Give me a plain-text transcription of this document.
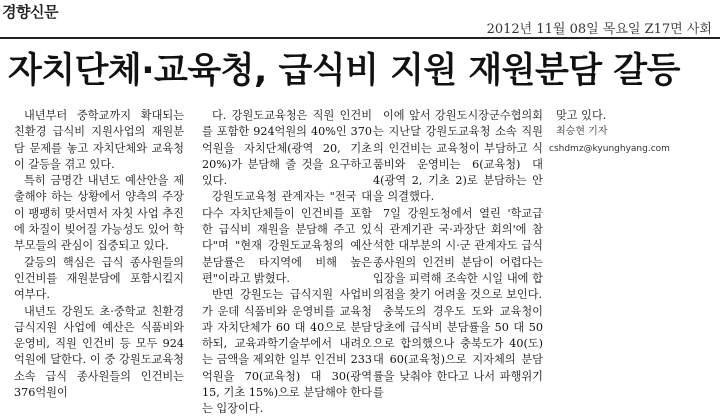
경향신문
2012년 11월 08일 목요일 Z17면 사회
자치단체·교육청, 급식비 지원 재원분담 갈등

내년부터 중학교까지 확대되는 친환경 급식비 지원사업의 재원분담 문제를 놓고 자치단체와 교육청이 갈등을 겪고 있다.

특히 금명간 내년도 예산안을 제출해야 하는 상황에서 양측의 주장이 팽팽히 맞서면서 자칫 사업 추진에 차질이 빚어질 가능성도 있어 학부모들의 관심이 집중되고 있다.

갈등의 핵심은 급식 종사원들의 인건비를 재원분담에 포함시킬지 여부다.

내년도 강원도 초·중학교 친환경 급식지원 사업에 예산은 식품비와 운영비, 직원 인건비 등 모두 924억원에 달한다. 이 중 강원도교육청 소속 급식 종사원들의 인건비는 376억원이

다. 강원도교육청은 직원 인건비를 포함한 924억원의 40%인 370억원을 자치단체(광역 20, 기초 20%)가 분담해 줄 것을 요구하고 있다.

강원도교육청 관계자는 "전국 대다수 자치단체들이 인건비를 포함한 급식비 재원을 분담해 주고 있다"며 "현재 강원도교육청의 예산 분담률은 타지역에 비해 높은 편"이라고 밝혔다.

반면 강원도는 급식지원 사업비가 운데 식품비와 운영비를 교육청과 자치단체가 60 대 40으로 분담하되, 교육과학기술부에서 내려오는 금액을 제외한 일부 인건비 233억원을 70(교육청) 대 30(광역 15, 기초 15%)으로 분담해야 한다는 입장이다.

이에 앞서 강원도시장군수협의회는 지난달 강원도교육청 소속 직원의 인건비는 교육청이 부담하고 식품비와 운영비는 6(교육청) 대 4(광역 2, 기초 2)로 분담하는 안을 의결했다.

7일 강원도청에서 열린 '학교급식 관계기관 국·과장단 회의'에 참석한 대부분의 시·군 관계자도 급식 종사원의 인건비 분담이 어렵다는 입장을 피력해 조속한 시일 내에 합의점을 찾기 어려울 것으로 보인다.

충북도의 경우도 도와 교육청이 당초에 급식비 분담률을 50 대 50으로 합의했으나 충북도가 40(도) 대 60(교육청)으로 지자체의 분담률을 낮춰야 한다고 나서 파행위기를

맞고 있다.

최승현 기자cshdmz@kyunghyang.com
